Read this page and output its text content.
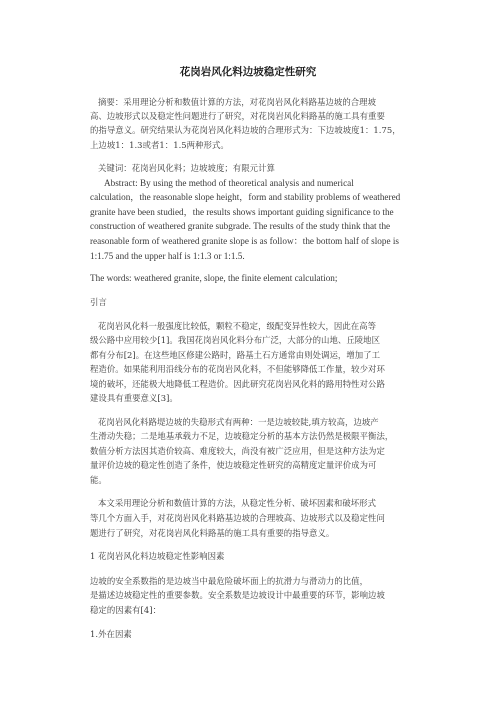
花岗岩风化料边坡稳定性研究
摘要：采用理论分析和数值计算的方法，对花岗岩风化料路基边坡的合理坡
高、边坡形式以及稳定性问题进行了研究，对花岗岩风化料路基的施工具有重要
的指导意义。研究结果认为花岗岩风化料边坡的合理形式为：下边坡坡度1：1.75，
上边坡1：1.3或者1：1.5两种形式。
关键词：花岗岩风化料；边坡坡度；有限元计算
Abstract: By using the method of theoretical analysis and numerical
calculation，the reasonable slope height，form and stability problems of weathered
granite have been studied，the results shows important guiding significance to the
construction of weathered granite subgrade. The results of the study think that the
reasonable form of weathered granite slope is as follow：the bottom half of slope is
1:1.75 and the upper half is 1:1.3 or 1:1.5.
The words: weathered granite, slope, the finite element calculation;
引言
花岗岩风化料一般强度比较低，颗粒不稳定，级配变异性较大，因此在高等
级公路中应用较少[1]。我国花岗岩风化料分布广泛，大部分的山地、丘陵地区
都有分布[2]。在这些地区修建公路时，路基土石方通常由则处调运，增加了工
程造价。如果能利用沿线分布的花岗岩风化料，不但能够降低工作量，较少对环
境的破坏，还能极大地降低工程造价。因此研究花岗岩风化料的路用特性对公路
建设具有重要意义[3]。
花岗岩风化料路堤边坡的失稳形式有两种：一是边坡较陡,填方较高，边坡产
生滑动失稳；二是地基承载力不足，边坡稳定分析的基本方法仍然是极限平衡法，
数值分析方法因其造价较高、难度较大，尚没有被广泛应用，但是这种方法为定
量评价边坡的稳定性创造了条件，使边坡稳定性研究的高精度定量评价成为可
能。
本文采用理论分析和数值计算的方法，从稳定性分析、破坏因素和破坏形式
等几个方面入手，对花岗岩风化料路基边坡的合理坡高、边坡形式以及稳定性问
题进行了研究，对花岗岩风化料路基的施工具有重要的指导意义。
1 花岗岩风化料边坡稳定性影响因素
边坡的安全系数指的是边坡当中最危险破坏面上的抗滑力与滑动力的比值，
是描述边坡稳定性的重要参数。安全系数是边坡设计中最重要的环节，影响边坡
稳定的因素有[4]：
1.外在因素
